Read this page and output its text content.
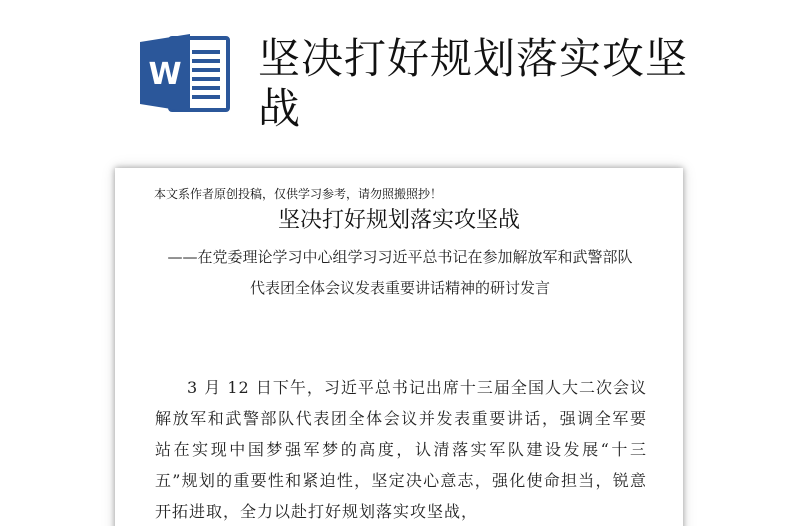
W 坚决打好规划落实攻坚战
本文系作者原创投稿，仅供学习参考，请勿照搬照抄！
坚决打好规划落实攻坚战
——在党委理论学习中心组学习习近平总书记在参加解放军和武警部队代表团全体会议发表重要讲话精神的研讨发言
3 月 12 日下午，习近平总书记出席十三届全国人大二次会议解放军和武警部队代表团全体会议并发表重要讲话，强调全军要站在实现中国梦强军梦的高度，认清落实军队建设发展“十三五”规划的重要性和紧迫性，坚定决心意志，强化使命担当，锐意开拓进取，全力以赴打好规划落实攻坚战，
